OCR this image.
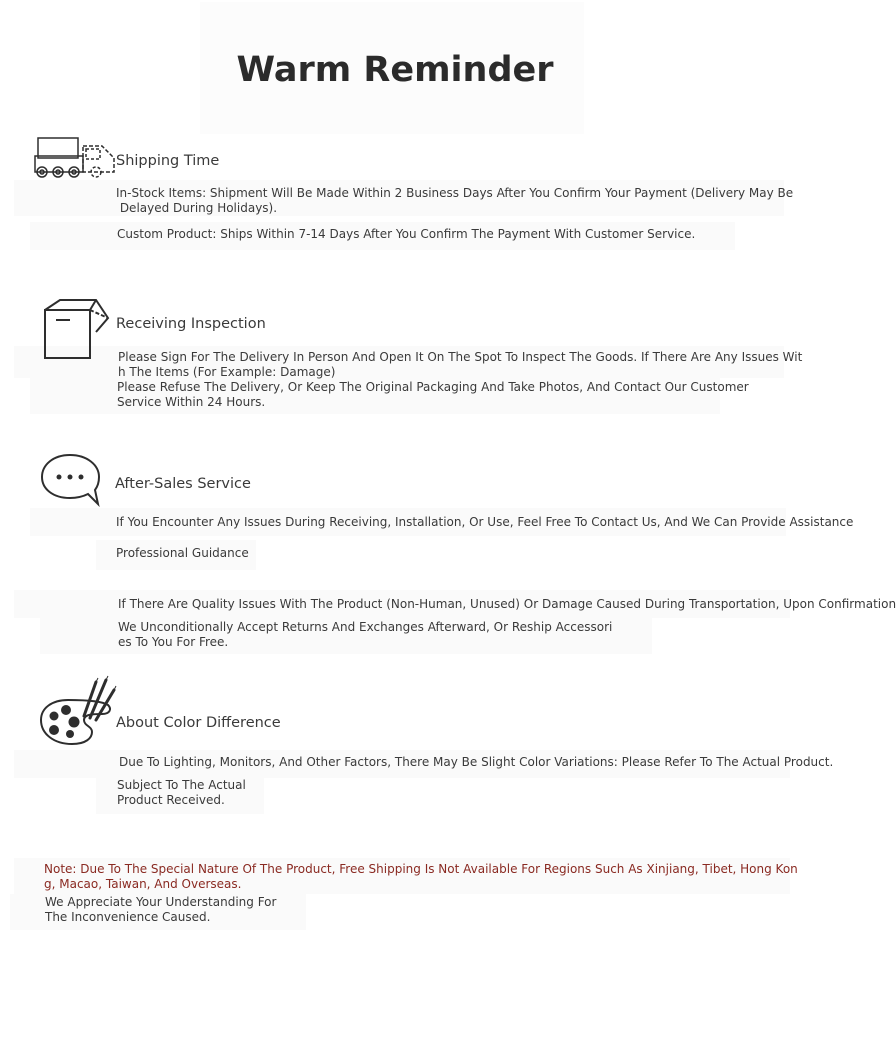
Warm Reminder
Shipping Time
In-Stock Items: Shipment Will Be Made Within 2 Business Days After You Confirm Your Payment (Delivery May Be
Delayed During Holidays).
Custom Product: Ships Within 7-14 Days After You Confirm The Payment With Customer Service.
Receiving Inspection
Please Sign For The Delivery In Person And Open It On The Spot To Inspect The Goods. If There Are Any Issues Wit
h The Items (For Example: Damage)
Please Refuse The Delivery, Or Keep The Original Packaging And Take Photos, And Contact Our Customer
Service Within 24 Hours.
After-Sales Service
If You Encounter Any Issues During Receiving, Installation, Or Use, Feel Free To Contact Us, And We Can Provide Assistance
Professional Guidance
If There Are Quality Issues With The Product (Non-Human, Unused) Or Damage Caused During Transportation, Upon Confirmation
We Unconditionally Accept Returns And Exchanges Afterward, Or Reship Accessori
es To You For Free.
About Color Difference
Due To Lighting, Monitors, And Other Factors, There May Be Slight Color Variations: Please Refer To The Actual Product.
Subject To The Actual
Product Received.
Note: Due To The Special Nature Of The Product, Free Shipping Is Not Available For Regions Such As Xinjiang, Tibet, Hong Kon
g, Macao, Taiwan, And Overseas.
We Appreciate Your Understanding For
The Inconvenience Caused.
